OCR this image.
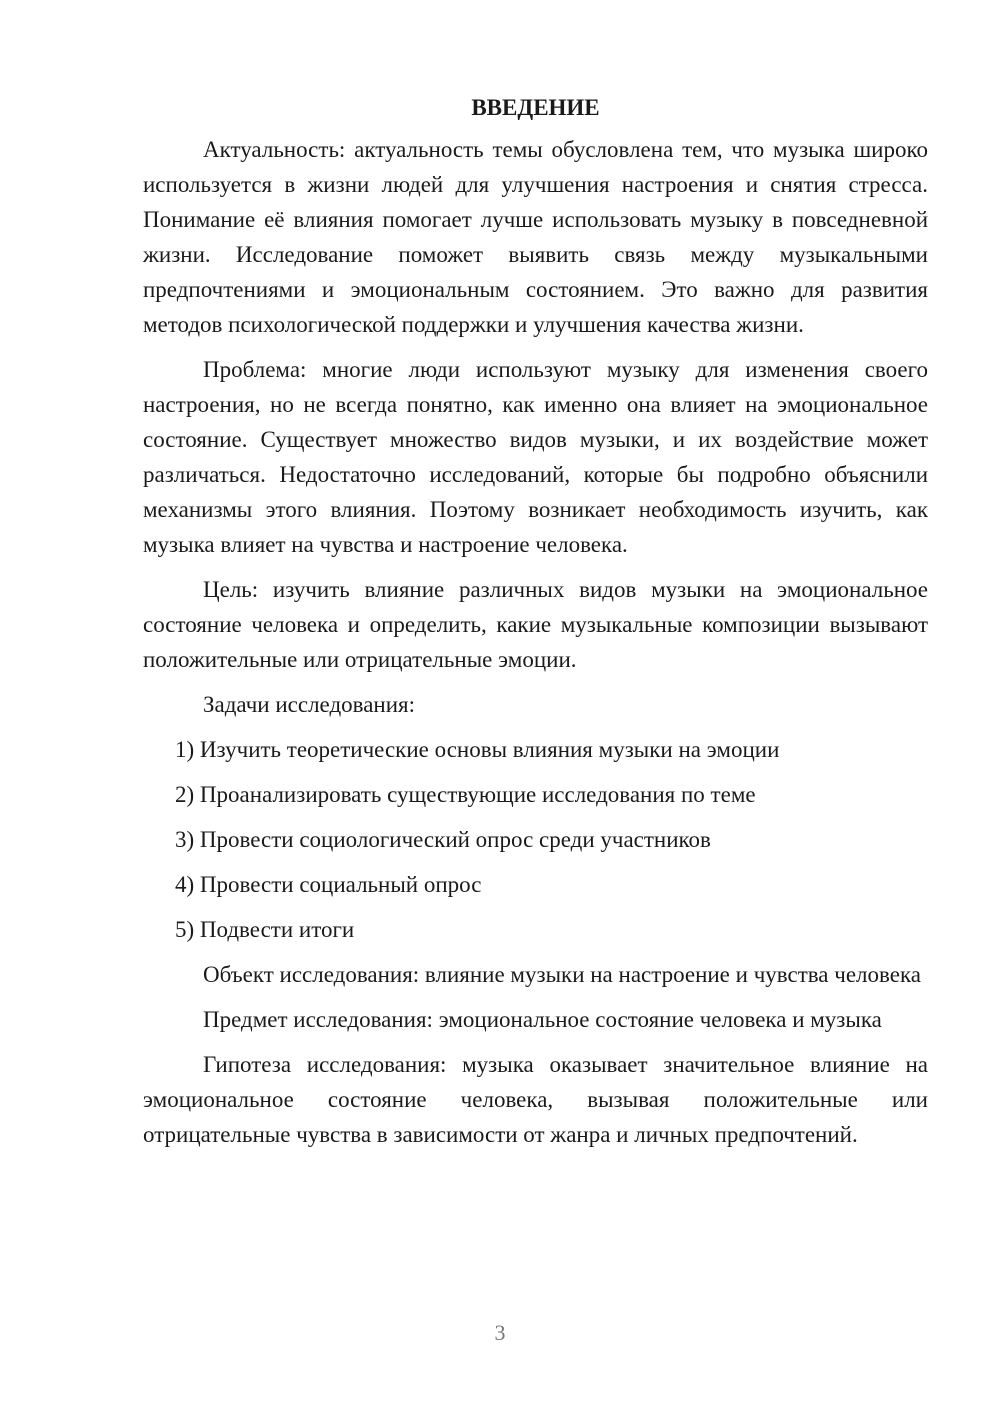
ВВЕДЕНИЕ

Актуальность: актуальность темы обусловлена тем, что музыка широко используется в жизни людей для улучшения настроения и снятия стресса. Понимание её влияния помогает лучше использовать музыку в повседневной жизни. Исследование поможет выявить связь между музыкальными предпочтениями и эмоциональным состоянием. Это важно для развития методов психологической поддержки и улучшения качества жизни.

Проблема: многие люди используют музыку для изменения своего настроения, но не всегда понятно, как именно она влияет на эмоциональное состояние. Существует множество видов музыки, и их воздействие может различаться. Недостаточно исследований, которые бы подробно объяснили механизмы этого влияния. Поэтому возникает необходимость изучить, как музыка влияет на чувства и настроение человека.

Цель: изучить влияние различных видов музыки на эмоциональное состояние человека и определить, какие музыкальные композиции вызывают положительные или отрицательные эмоции.

Задачи исследования:

1) Изучить теоретические основы влияния музыки на эмоции
2) Проанализировать существующие исследования по теме
3) Провести социологический опрос среди участников
4) Провести социальный опрос
5) Подвести итоги

Объект исследования: влияние музыки на настроение и чувства человека

Предмет исследования: эмоциональное состояние человека и музыка

Гипотеза исследования: музыка оказывает значительное влияние на эмоциональное состояние человека, вызывая положительные или отрицательные чувства в зависимости от жанра и личных предпочтений.

3
